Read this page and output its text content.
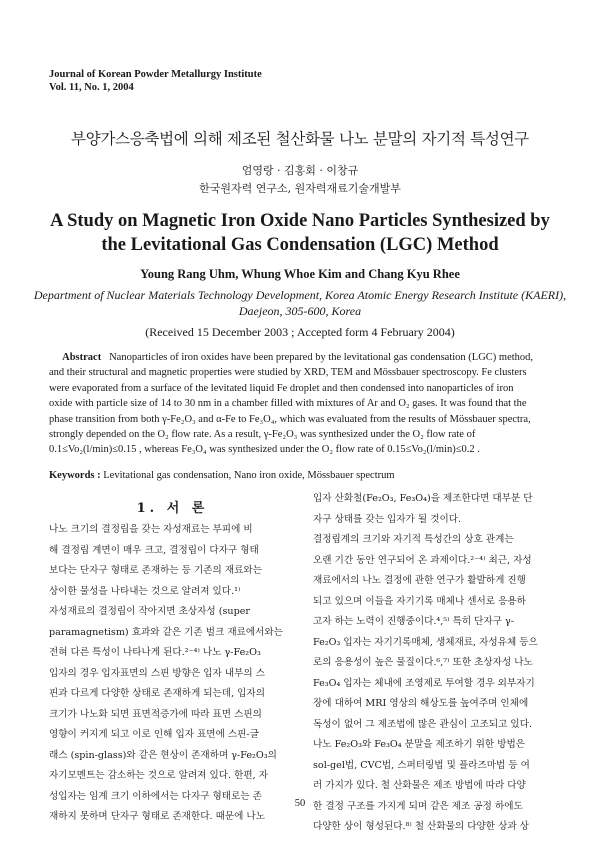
Journal of Korean Powder Metallurgy Institute
Vol. 11, No. 1, 2004
부양가스응축법에 의해 제조된 철산화물 나노 분말의 자기적 특성연구
엄영랑 · 김홍회 · 이창규
한국원자력 연구소, 원자력재료기술개발부
A Study on Magnetic Iron Oxide Nano Particles Synthesized by
the Levitational Gas Condensation (LGC) Method
Young Rang Uhm, Whung Whoe Kim and Chang Kyu Rhee
Department of Nuclear Materials Technology Development, Korea Atomic Energy Research Institute (KAERI),
Daejeon, 305-600, Korea
(Received 15 December 2003 ; Accepted form 4 February 2004)
Abstract Nanoparticles of iron oxides have been prepared by the levitational gas condensation (LGC) method,
and their structural and magnetic properties were studied by XRD, TEM and Mössbauer spectroscopy. Fe clusters
were evaporated from a surface of the levitated liquid Fe droplet and then condensed into nanoparticles of iron
oxide with particle size of 14 to 30 nm in a chamber filled with mixtures of Ar and O₂ gases. It was found that the
phase transition from both γ-Fe₂O₃ and α-Fe to Fe₃O₄, which was evaluated from the results of Mössbauer spectra,
strongly depended on the O₂ flow rate. As a result, γ-Fe₂O₃ was synthesized under the O₂ flow rate of
0.1≤Vo₂(l/min)≤0.15 , whereas Fe₃O₄ was synthesized under the O₂ flow rate of 0.15≤Vo₂(l/min)≤0.2 .
Keywords : Levitational gas condensation, Nano iron oxide, Mössbauer spectrum
1. 서 론
나노 크기의 결정립을 갖는 자성재료는 부피에 비
해 결정립 계면이 매우 크고, 결정립이 다자구 형태
보다는 단자구 형태로 존재하는 등 기존의 재료와는
상이한 물성을 나타내는 것으로 알려져 있다.¹⁾
자성재료의 결정립이 작아지면 초상자성 (super
paramagnetism) 효과와 같은 기존 벌크 재료에서와는
전혀 다른 특성이 나타나게 된다.²⁻⁴⁾ 나노 γ-Fe₂O₃
입자의 경우 입자표면의 스핀 방향은 입자 내부의 스
핀과 다르게 다양한 상태로 존재하게 되는데, 입자의
크기가 나노화 되면 표면적증가에 따라 표면 스핀의
영향이 커지게 되고 이로 인해 입자 표면에 스핀-글
래스 (spin-glass)와 같은 현상이 존재하며 γ-Fe₂O₃의
자기모멘트는 감소하는 것으로 알려져 있다. 한편, 자
성입자는 임계 크기 이하에서는 다자구 형태로는 존
재하지 못하며 단자구 형태로 존재한다. 때문에 나노
입자 산화철(Fe₂O₃, Fe₃O₄)을 제조한다면 대부분 단
자구 상태를 갖는 입자가 될 것이다.
결정립계의 크기와 자기적 특성간의 상호 관계는
오랜 기간 동안 연구되어 온 과제이다.²⁻⁴⁾ 최근, 자성
재료에서의 나노 결정에 관한 연구가 활발하게 진행
되고 있으며 이들을 자기기록 매체나 센서로 응용하
고자 하는 노력이 진행중이다.⁴,⁵⁾ 특히 단자구 γ-
Fe₂O₃ 입자는 자기기록매체, 생체재료, 자성유체 등으
로의 응용성이 높은 물질이다.⁶,⁷⁾ 또한 초상자성 나노
Fe₃O₄ 입자는 체내에 조영제로 투여할 경우 외부자기
장에 대하여 MRI 영상의 해상도를 높여주며 인체에
독성이 없어 그 제조법에 많은 관심이 고조되고 있다.
나노 Fe₂O₃와 Fe₃O₄ 분말을 제조하기 위한 방법은
sol-gel법, CVC법, 스퍼터링법 및 플라즈마법 등 여
러 가지가 있다. 철 산화물은 제조 방법에 따라 다양
한 결정 구조를 가지게 되며 같은 제조 공정 하에도
다양한 상이 형성된다.⁸⁾ 철 산화물의 다양한 상과 상
50
